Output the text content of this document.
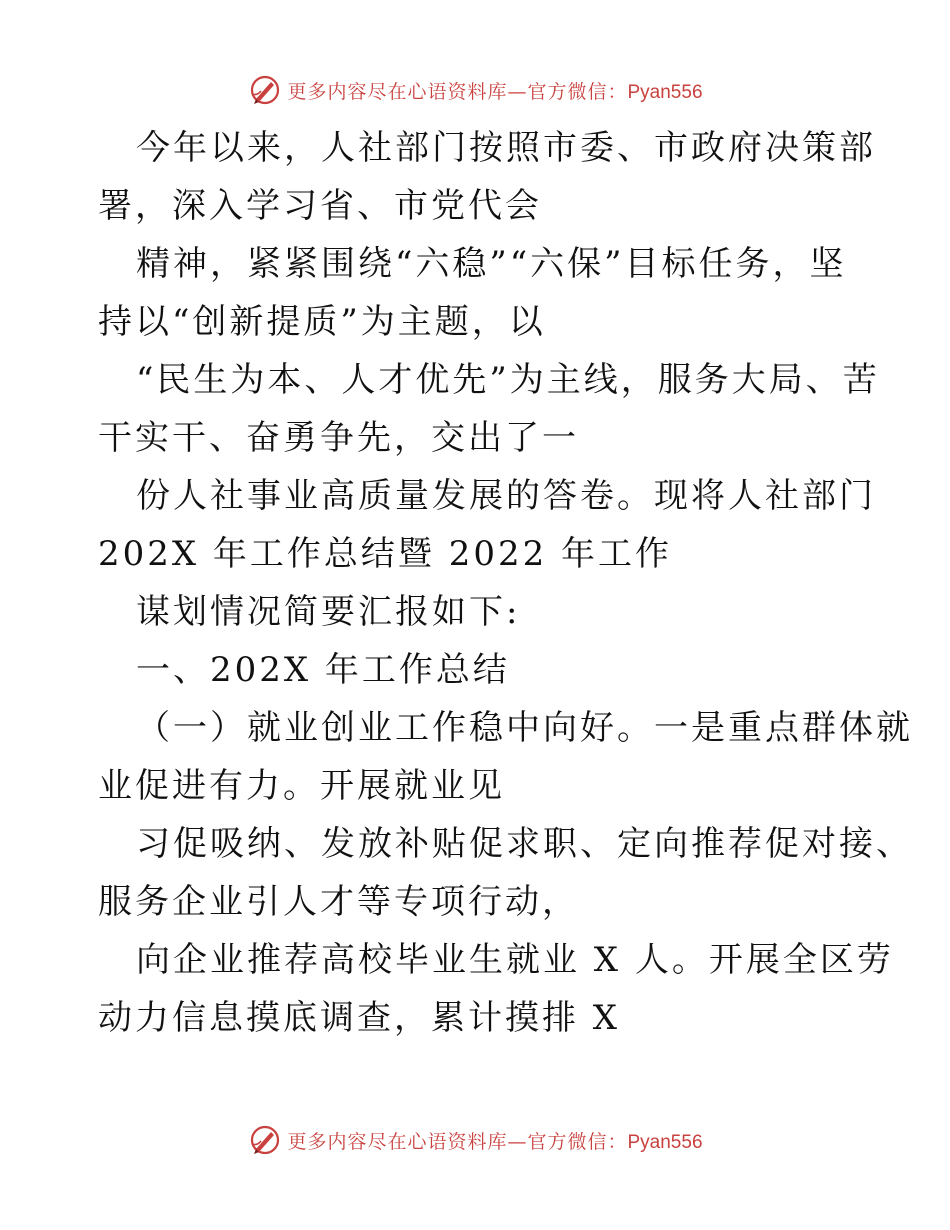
更多内容尽在心语资料库—官方微信：Pyan556
今年以来，人社部门按照市委、市政府决策部
署，深入学习省、市党代会
精神，紧紧围绕“六稳”“六保”目标任务，坚
持以“创新提质”为主题，以
“民生为本、人才优先”为主线，服务大局、苦
干实干、奋勇争先，交出了一
份人社事业高质量发展的答卷。现将人社部门
202X 年工作总结暨 2022 年工作
谋划情况简要汇报如下:
一、202X 年工作总结
（一）就业创业工作稳中向好。一是重点群体就
业促进有力。开展就业见
习促吸纳、发放补贴促求职、定向推荐促对接、
服务企业引人才等专项行动，
向企业推荐高校毕业生就业 X 人。开展全区劳
动力信息摸底调查，累计摸排 X
更多内容尽在心语资料库—官方微信：Pyan556
